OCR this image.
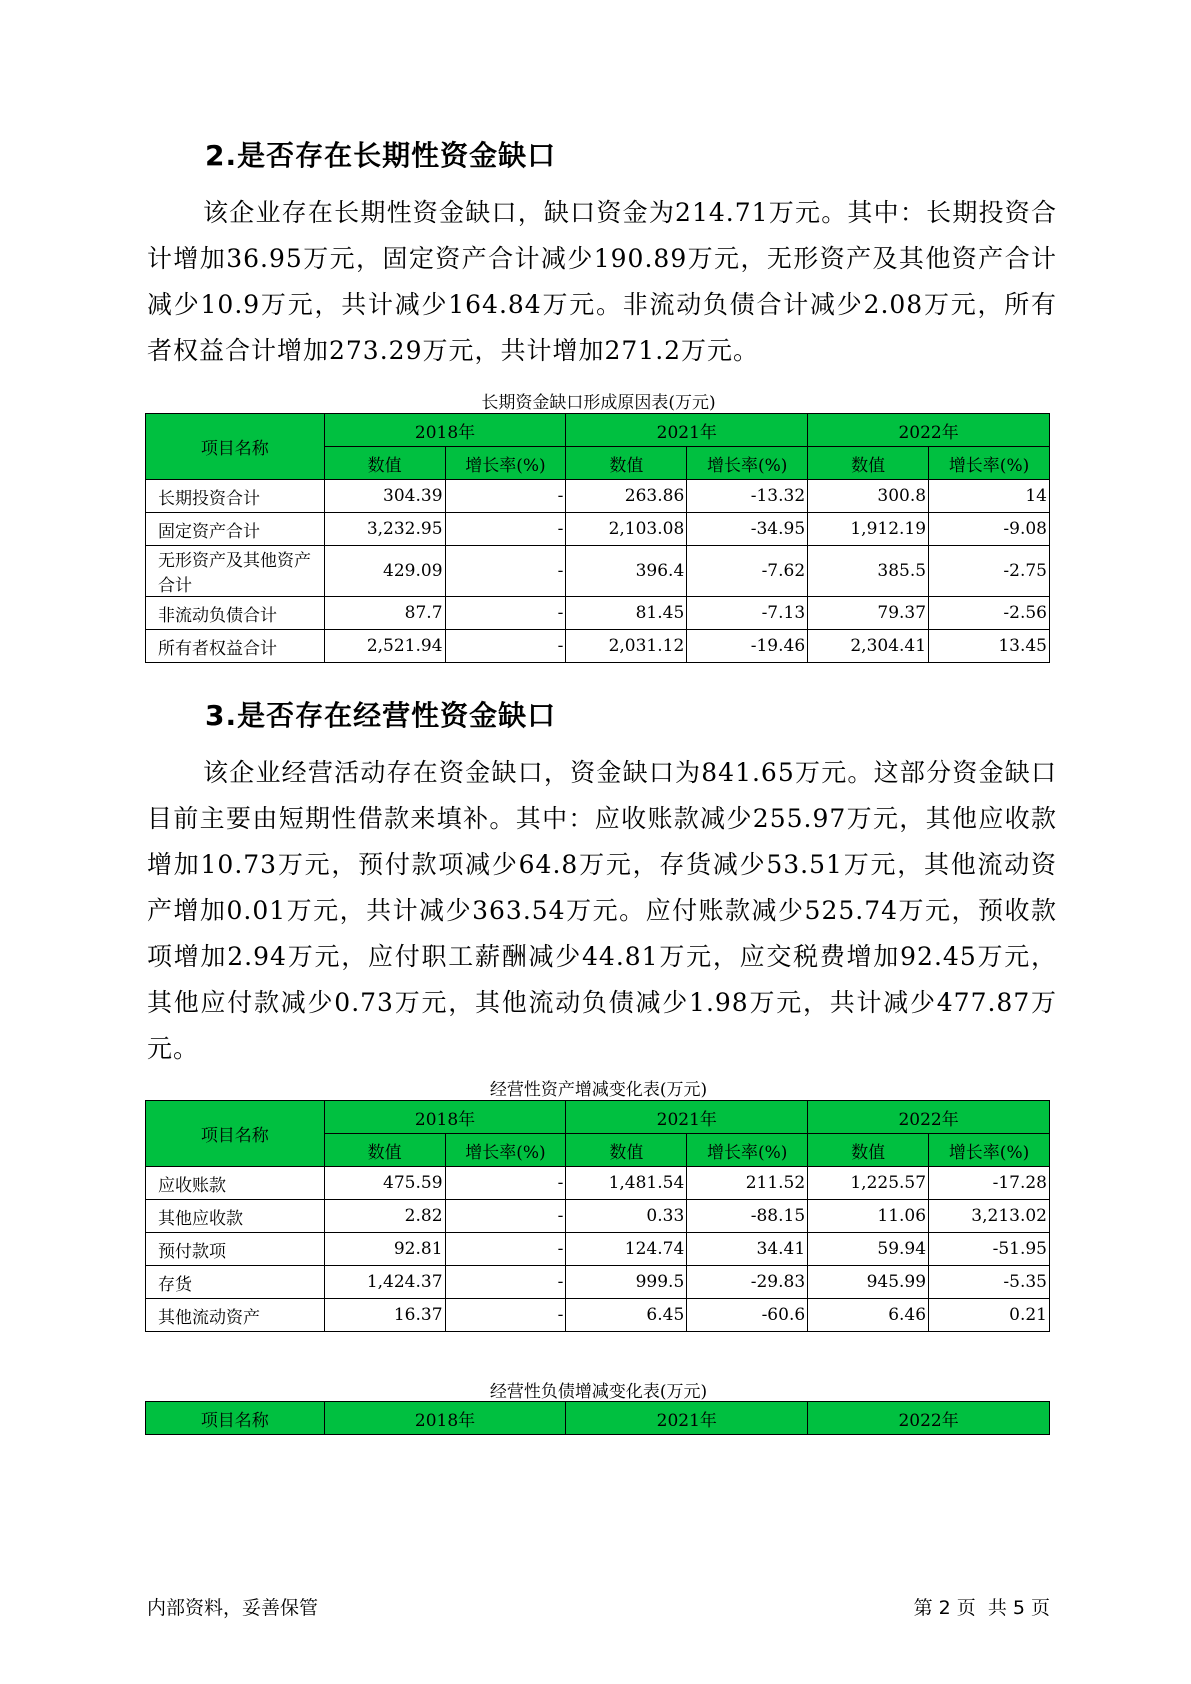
2.是否存在长期性资金缺口
该企业存在长期性资金缺口，缺口资金为214.71万元。其中：长期投资合计增加36.95万元，固定资产合计减少190.89万元，无形资产及其他资产合计减少10.9万元，共计减少164.84万元。非流动负债合计减少2.08万元，所有者权益合计增加273.29万元，共计增加271.2万元。
长期资金缺口形成原因表(万元)
项目名称	2018年		2021年		2022年	
	数值	增长率(%)	数值	增长率(%)	数值	增长率(%)
长期投资合计	304.39	-	263.86	-13.32	300.8	14
固定资产合计	3,232.95	-	2,103.08	-34.95	1,912.19	-9.08
无形资产及其他资产合计	429.09	-	396.4	-7.62	385.5	-2.75
非流动负债合计	87.7	-	81.45	-7.13	79.37	-2.56
所有者权益合计	2,521.94	-	2,031.12	-19.46	2,304.41	13.45
3.是否存在经营性资金缺口
该企业经营活动存在资金缺口，资金缺口为841.65万元。这部分资金缺口目前主要由短期性借款来填补。其中：应收账款减少255.97万元，其他应收款增加10.73万元，预付款项减少64.8万元，存货减少53.51万元，其他流动资产增加0.01万元，共计减少363.54万元。应付账款减少525.74万元，预收款项增加2.94万元，应付职工薪酬减少44.81万元，应交税费增加92.45万元，其他应付款减少0.73万元，其他流动负债减少1.98万元，共计减少477.87万元。
经营性资产增减变化表(万元)
项目名称	2018年		2021年		2022年	
	数值	增长率(%)	数值	增长率(%)	数值	增长率(%)
应收账款	475.59	-	1,481.54	211.52	1,225.57	-17.28
其他应收款	2.82	-	0.33	-88.15	11.06	3,213.02
预付款项	92.81	-	124.74	34.41	59.94	-51.95
存货	1,424.37	-	999.5	-29.83	945.99	-5.35
其他流动资产	16.37	-	6.45	-60.6	6.46	0.21
经营性负债增减变化表(万元)
项目名称	2018年	2021年	2022年
内部资料，妥善保管	第 2 页  共 5 页
